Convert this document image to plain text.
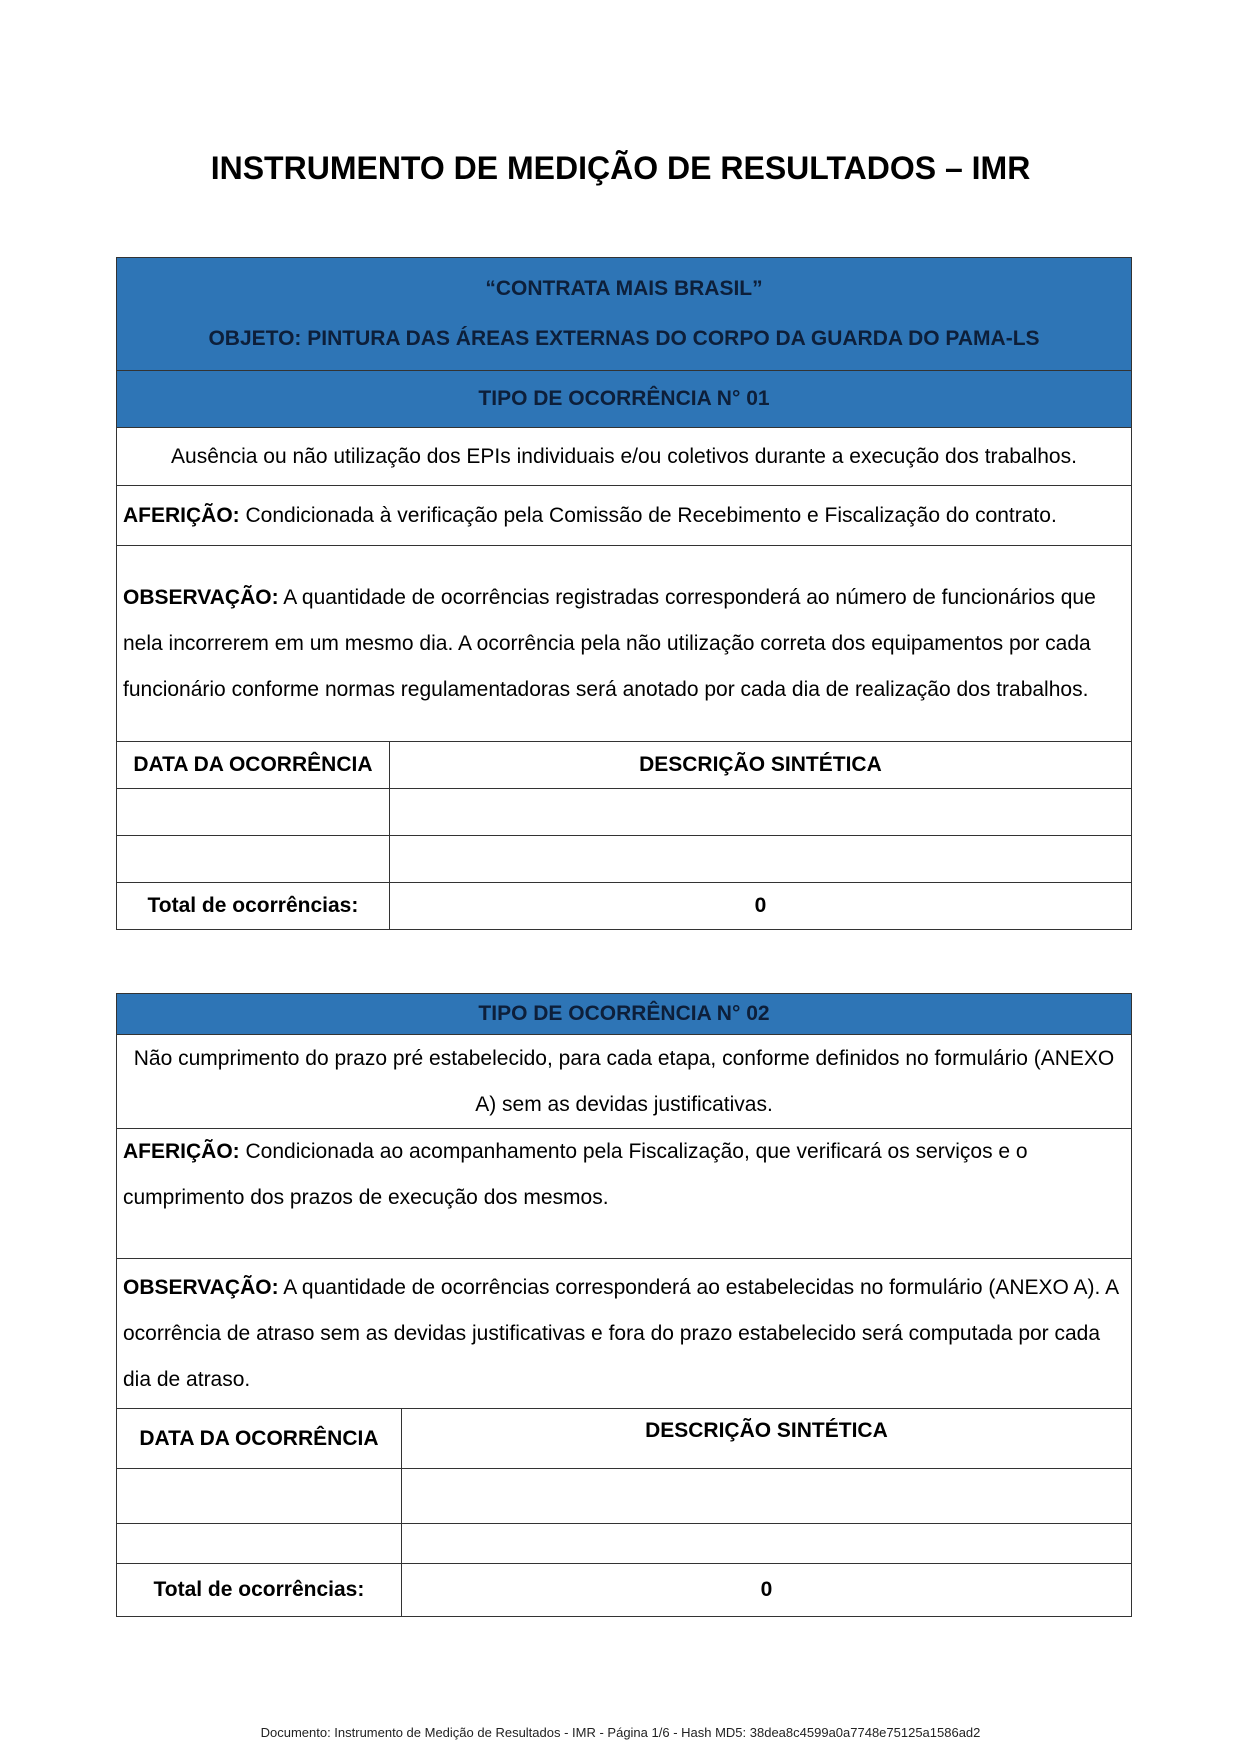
INSTRUMENTO DE MEDIÇÃO DE RESULTADOS – IMR
“CONTRATA MAIS BRASIL”
OBJETO: PINTURA DAS ÁREAS EXTERNAS DO CORPO DA GUARDA DO PAMA-LS	

TIPO DE OCORRÊNCIA N° 01	
Ausência ou não utilização dos EPIs individuais e/ou coletivos durante a execução dos trabalhos.	
AFERIÇÃO: Condicionada à verificação pela Comissão de Recebimento e Fiscalização do contrato.	
OBSERVAÇÃO: A quantidade de ocorrências registradas corresponderá ao número de funcionários que nela incorrerem em um mesmo dia. A ocorrência pela não utilização correta dos equipamentos por cada funcionário conforme normas regulamentadoras será anotado por cada dia de realização dos trabalhos.	
DATA DA OCORRÊNCIA	DESCRIÇÃO SINTÉTICA

Total de ocorrências:	0
TIPO DE OCORRÊNCIA N° 02	
Não cumprimento do prazo pré estabelecido, para cada etapa, conforme definidos no formulário (ANEXO A) sem as devidas justificativas.	
AFERIÇÃO: Condicionada ao acompanhamento pela Fiscalização, que verificará os serviços e o cumprimento dos prazos de execução dos mesmos.	
OBSERVAÇÃO: A quantidade de ocorrências corresponderá ao estabelecidas no formulário (ANEXO A). A ocorrência de atraso sem as devidas justificativas e fora do prazo estabelecido será computada por cada dia de atraso.	
DATA DA OCORRÊNCIA	DESCRIÇÃO SINTÉTICA

Total de ocorrências:	0
Documento: Instrumento de Medição de Resultados - IMR - Página 1/6 - Hash MD5: 38dea8c4599a0a7748e75125a1586ad2
